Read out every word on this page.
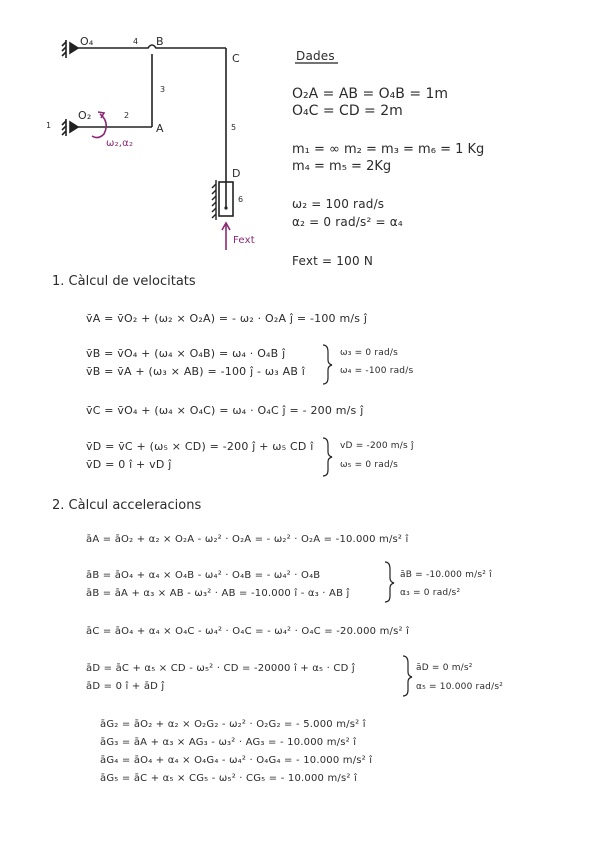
O₄	4 B
C
3
1
O₂	2
A	5
ω₂,α₂
D
6
Fext
Dades
O₂A = AB = O₄B = 1m
O₄C = CD = 2m
m₁ = ∞ m₂ = m₃ = m₆ = 1 Kg
m₄ = m₅ = 2Kg
ω₂ = 100 rad/s
α₂ = 0 rad/s² = α₄
Fext = 100 N
1. Càlcul de velocitats
v̄A = v̄O₂ + (ω₂ × O₂A) = - ω₂ · O₂A ĵ = -100 m/s ĵ
v̄B = v̄O₄ + (ω₄ × O₄B) = ω₄ · O₄B ĵ
v̄B = v̄A + (ω₃ × AB) = -100 ĵ - ω₃ AB î
ω₃ = 0 rad/s
ω₄ = -100 rad/s
v̄C = v̄O₄ + (ω₄ × O₄C) = ω₄ · O₄C ĵ = - 200 m/s ĵ
v̄D = v̄C + (ω₅ × CD) = -200 ĵ + ω₅ CD î
v̄D = 0 î + vD ĵ
vD = -200 m/s ĵ
ω₅ = 0 rad/s
2. Càlcul acceleracions
āA = āO₂ + α₂ × O₂A - ω₂² · O₂A = - ω₂² · O₂A = -10.000 m/s² î
āB = āO₄ + α₄ × O₄B - ω₄² · O₄B = - ω₄² · O₄B
āB = āA + α₃ × AB - ω₃² · AB = -10.000 î - α₃ · AB ĵ
āB = -10.000 m/s² î
α₃ = 0 rad/s²
āC = āO₄ + α₄ × O₄C - ω₄² · O₄C = - ω₄² · O₄C = -20.000 m/s² î
āD = āC + α₅ × CD - ω₅² · CD = -20000 î + α₅ · CD ĵ
āD = 0 î + āD ĵ
āD = 0 m/s²
α₅ = 10.000 rad/s²
āG₂ = āO₂ + α₂ × O₂G₂ - ω₂² · O₂G₂ = - 5.000 m/s² î
āG₃ = āA + α₃ × AG₃ - ω₃² · AG₃ = - 10.000 m/s² î
āG₄ = āO₄ + α₄ × O₄G₄ - ω₄² · O₄G₄ = - 10.000 m/s² î
āG₅ = āC + α₅ × CG₅ - ω₅² · CG₅ = - 10.000 m/s² î
